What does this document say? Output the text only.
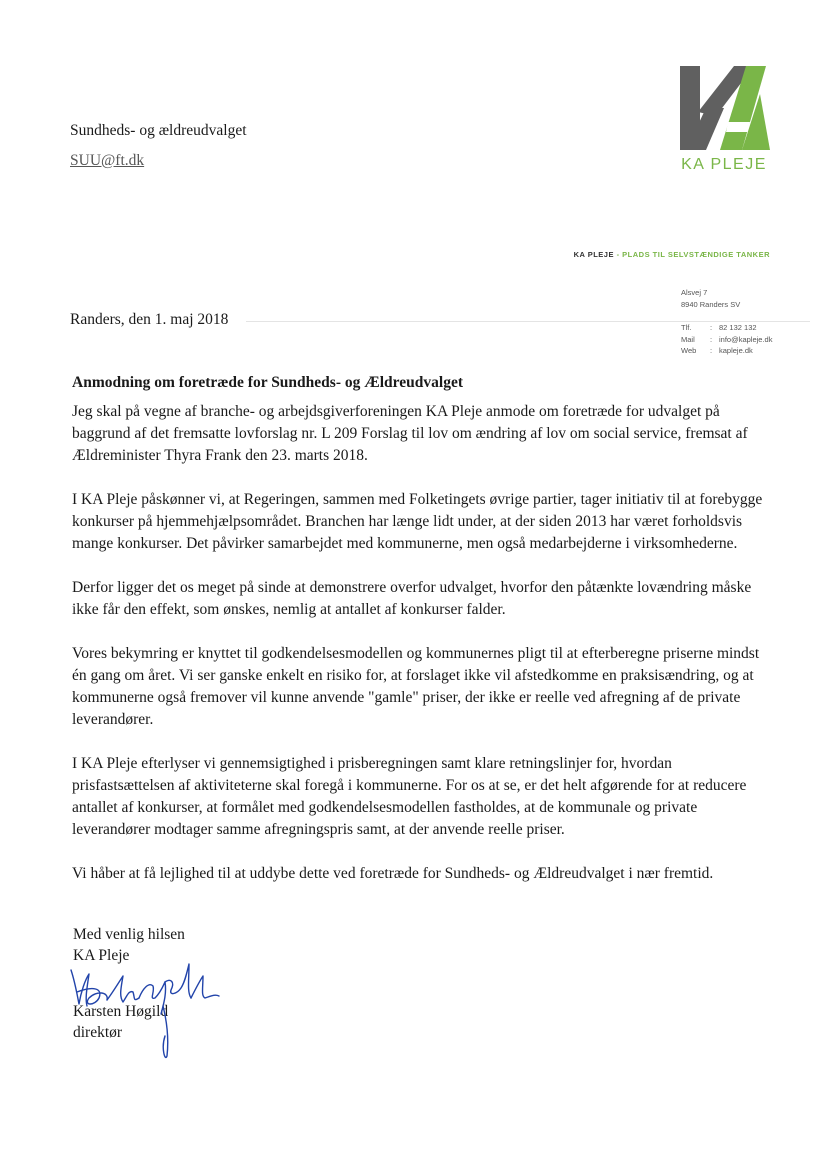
Sundheds- og ældreudvalget
SUU@ft.dk	KA PLEJE
KA PLEJE - PLADS TIL SELVSTÆNDIGE TANKER
Alsvej 7
8940 Randers SV
Tlf.	: 82 132 132
Mail	: info@kapleje.dk
Web	: kapleje.dk
Randers, den 1. maj 2018
Anmodning om foretræde for Sundheds- og Ældreudvalget

Jeg skal på vegne af branche- og arbejdsgiverforeningen KA Pleje anmode om foretræde for udvalget på baggrund af det fremsatte lovforslag nr. L 209 Forslag til lov om ændring af lov om social service, fremsat af Ældreminister Thyra Frank den 23. marts 2018.

I KA Pleje påskønner vi, at Regeringen, sammen med Folketingets øvrige partier, tager initiativ til at forebygge konkurser på hjemmehjælpsområdet. Branchen har længe lidt under, at der siden 2013 har været forholdsvis mange konkurser. Det påvirker samarbejdet med kommunerne, men også medarbejderne i virksomhederne.

Derfor ligger det os meget på sinde at demonstrere overfor udvalget, hvorfor den påtænkte lovændring måske ikke får den effekt, som ønskes, nemlig at antallet af konkurser falder.

Vores bekymring er knyttet til godkendelsesmodellen og kommunernes pligt til at efterberegne priserne mindst én gang om året. Vi ser ganske enkelt en risiko for, at forslaget ikke vil afstedkomme en praksisændring, og at kommunerne også fremover vil kunne anvende "gamle" priser, der ikke er reelle ved afregning af de private leverandører.

I KA Pleje efterlyser vi gennemsigtighed i prisberegningen samt klare retningslinjer for, hvordan prisfastsættelsen af aktiviteterne skal foregå i kommunerne. For os at se, er det helt afgørende for at reducere antallet af konkurser, at formålet med godkendelsesmodellen fastholdes, at de kommunale og private leverandører modtager samme afregningspris samt, at der anvende reelle priser.

Vi håber at få lejlighed til at uddybe dette ved foretræde for Sundheds- og Ældreudvalget i nær fremtid.

Med venlig hilsen
KA Pleje
Karsten Høgild
direktør
